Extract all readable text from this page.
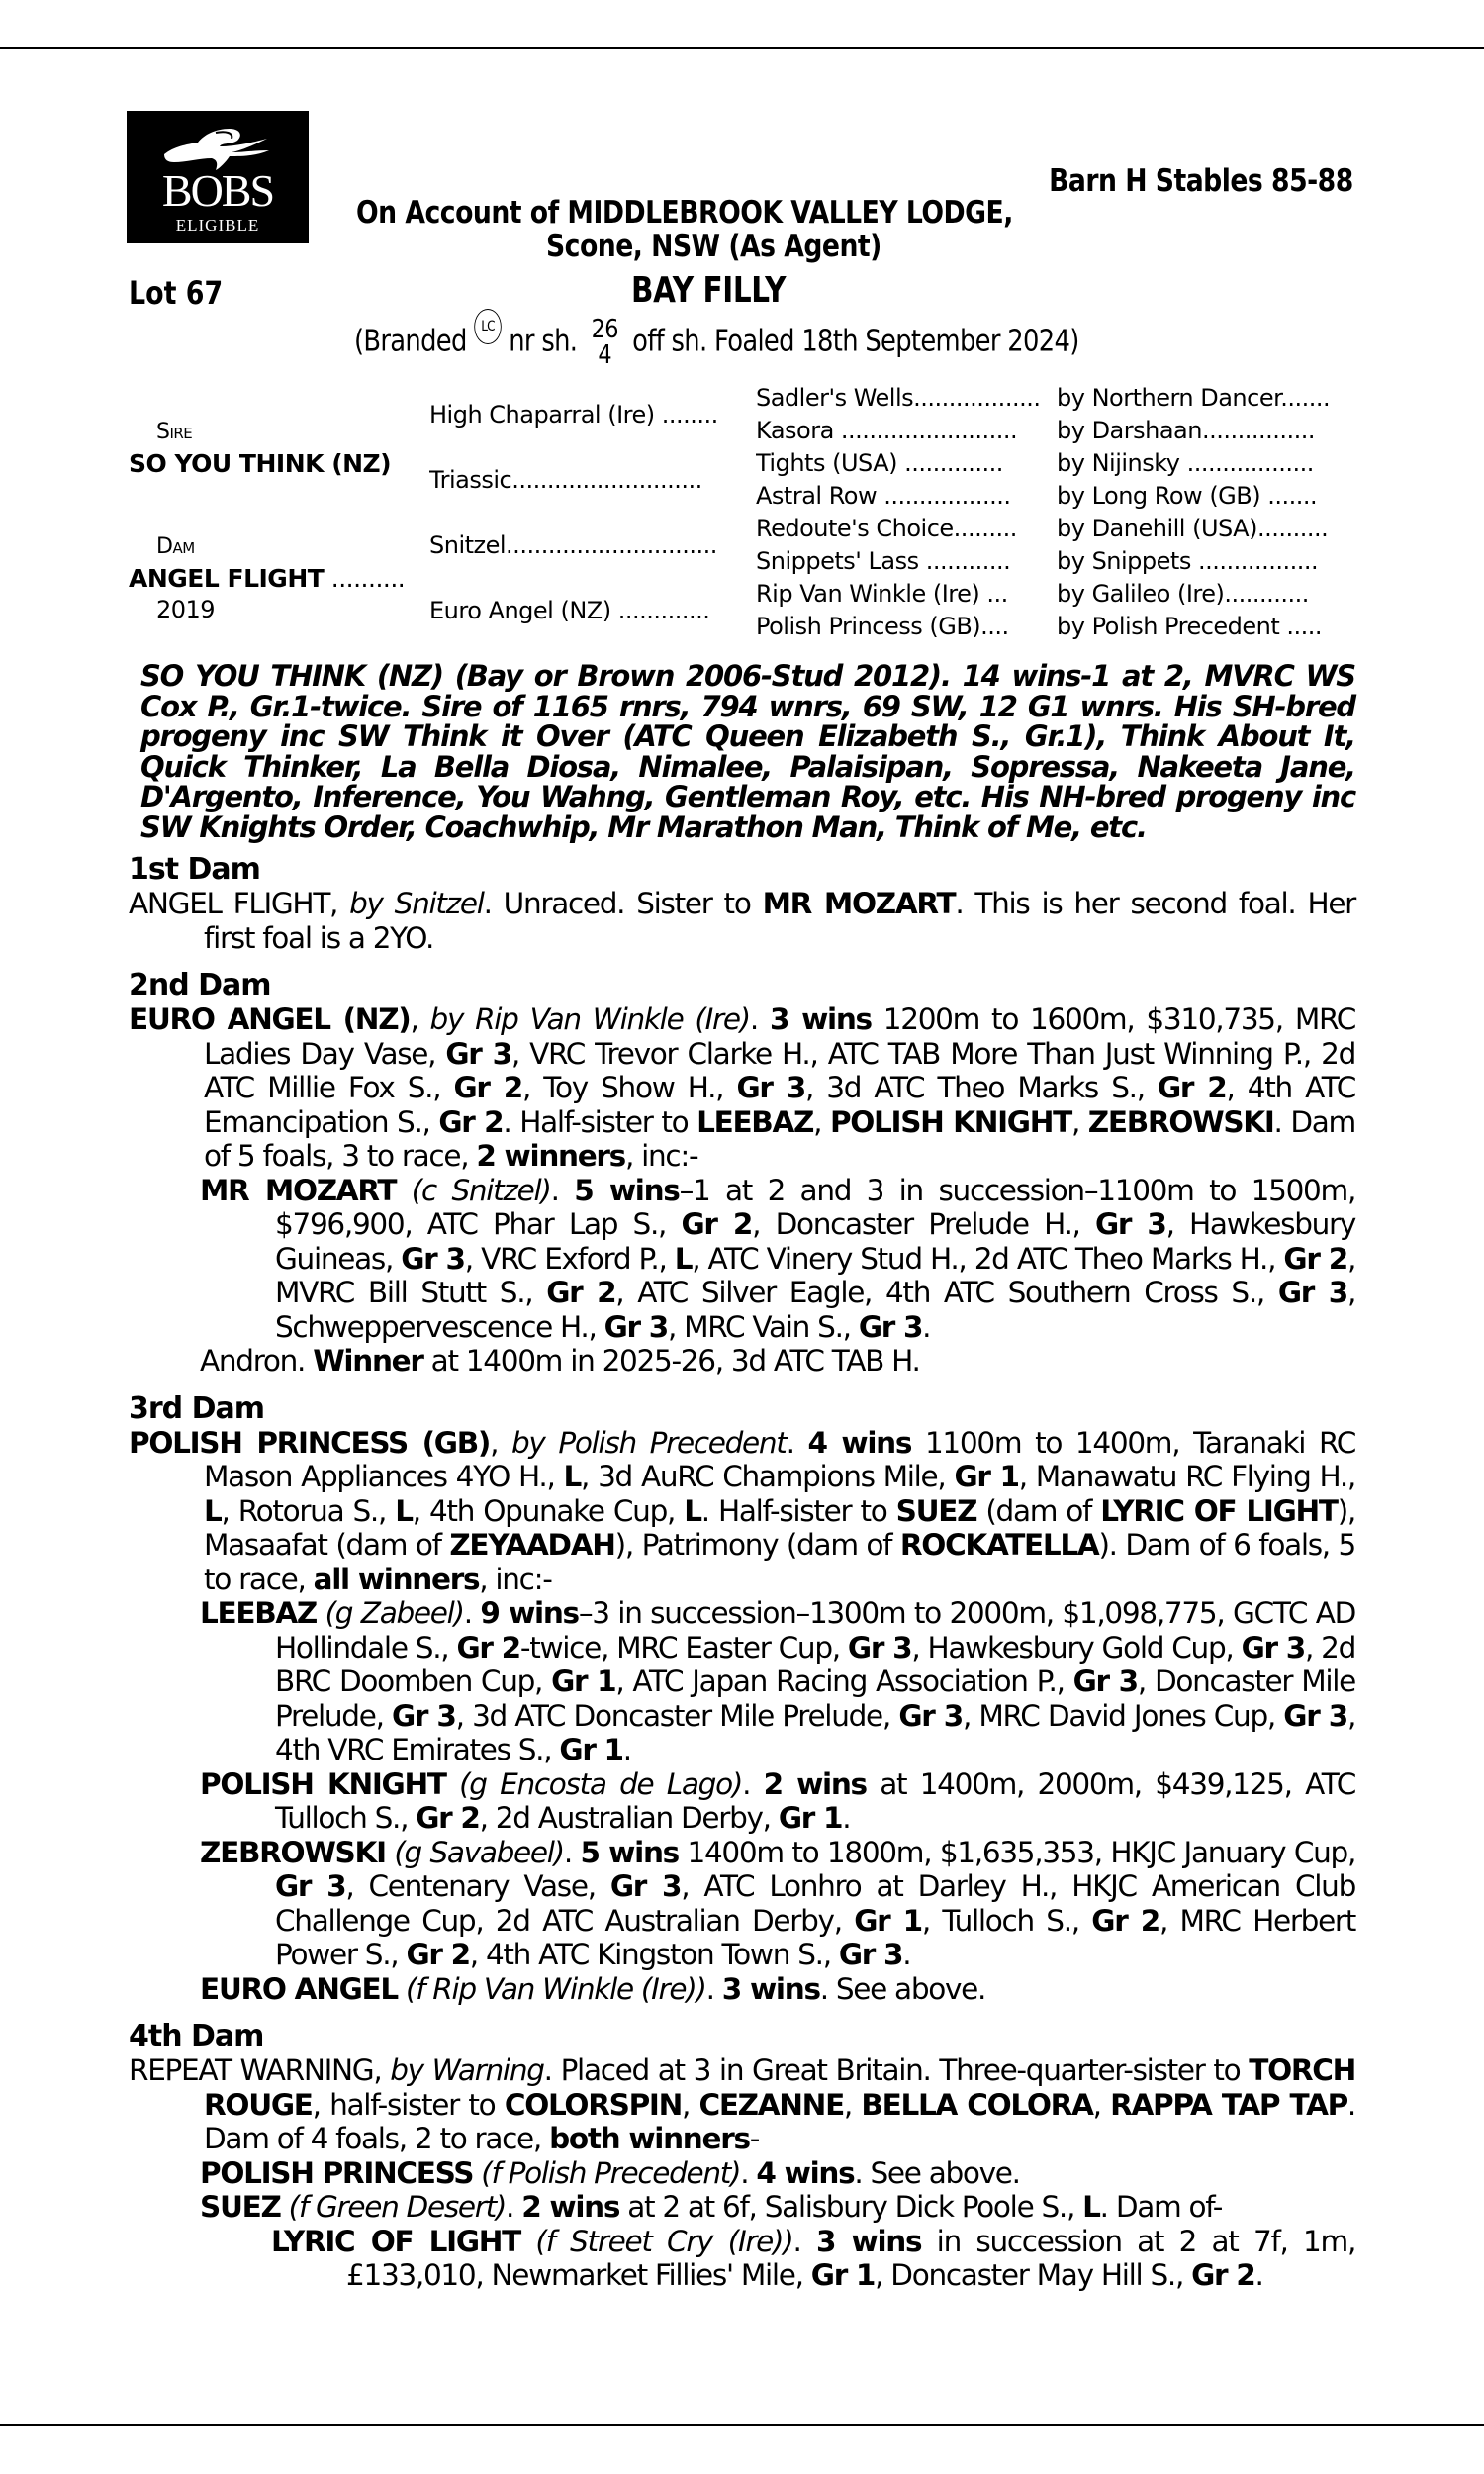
BOBS
ELIGIBLE
Barn H Stables 85-88
On Account of MIDDLEBROOK VALLEY LODGE,
Scone, NSW (As Agent)
Lot 67	BAY FILLY
(Branded LC nr sh. 26
4 off sh. Foaled 18th September 2024)
Sire
SO YOU THINK (NZ)
Dam
ANGEL FLIGHT ..........
2019
High Chaparral (Ire) ........
Triassic...........................
Snitzel..............................
Euro Angel (NZ) .............
Sadler's Wells..................
Kasora .........................
Tights (USA) ..............
Astral Row ..................
Redoute's Choice.........
Snippets' Lass ............
Rip Van Winkle (Ire) ...
Polish Princess (GB)....
by Northern Dancer.......
by Darshaan................
by Nijinsky ..................
by Long Row (GB) .......
by Danehill (USA)..........
by Snippets .................
by Galileo (Ire)............
by Polish Precedent .....
SO YOU THINK (NZ) (Bay or Brown 2006-Stud 2012). 14 wins-1 at 2, MVRC WS Cox P., Gr.1-twice. Sire of 1165 rnrs, 794 wnrs, 69 SW, 12 G1 wnrs. His SH-bred progeny inc SW Think it Over (ATC Queen Elizabeth S., Gr.1), Think About It, Quick Thinker, La Bella Diosa, Nimalee, Palaisipan, Sopressa, Nakeeta Jane, D'Argento, Inference, You Wahng, Gentleman Roy, etc. His NH-bred progeny inc SW Knights Order, Coachwhip, Mr Marathon Man, Think of Me, etc.
1st Dam

ANGEL FLIGHT, by Snitzel. Unraced. Sister to MR MOZART. This is her second foal. Her first foal is a 2YO.

2nd Dam

EURO ANGEL (NZ), by Rip Van Winkle (Ire). 3 wins 1200m to 1600m, $310,735, MRC Ladies Day Vase, Gr 3, VRC Trevor Clarke H., ATC TAB More Than Just Winning P., 2d ATC Millie Fox S., Gr 2, Toy Show H., Gr 3, 3d ATC Theo Marks S., Gr 2, 4th ATC Emancipation S., Gr 2. Half-sister to LEEBAZ, POLISH KNIGHT, ZEBROWSKI. Dam of 5 foals, 3 to race, 2 winners, inc:-

MR MOZART (c Snitzel). 5 wins–1 at 2 and 3 in succession–1100m to 1500m, $796,900, ATC Phar Lap S., Gr 2, Doncaster Prelude H., Gr 3, Hawkesbury Guineas, Gr 3, VRC Exford P., L, ATC Vinery Stud H., 2d ATC Theo Marks H., Gr 2, MVRC Bill Stutt S., Gr 2, ATC Silver Eagle, 4th ATC Southern Cross S., Gr 3, Schweppervescence H., Gr 3, MRC Vain S., Gr 3.

Andron. Winner at 1400m in 2025-26, 3d ATC TAB H.

3rd Dam

POLISH PRINCESS (GB), by Polish Precedent. 4 wins 1100m to 1400m, Taranaki RC Mason Appliances 4YO H., L, 3d AuRC Champions Mile, Gr 1, Manawatu RC Flying H., L, Rotorua S., L, 4th Opunake Cup, L. Half-sister to SUEZ (dam of LYRIC OF LIGHT), Masaafat (dam of ZEYAADAH), Patrimony (dam of ROCKATELLA). Dam of 6 foals, 5 to race, all winners, inc:-

LEEBAZ (g Zabeel). 9 wins–3 in succession–1300m to 2000m, $1,098,775, GCTC AD Hollindale S., Gr 2-twice, MRC Easter Cup, Gr 3, Hawkesbury Gold Cup, Gr 3, 2d BRC Doomben Cup, Gr 1, ATC Japan Racing Association P., Gr 3, Doncaster Mile Prelude, Gr 3, 3d ATC Doncaster Mile Prelude, Gr 3, MRC David Jones Cup, Gr 3, 4th VRC Emirates S., Gr 1.

POLISH KNIGHT (g Encosta de Lago). 2 wins at 1400m, 2000m, $439,125, ATC Tulloch S., Gr 2, 2d Australian Derby, Gr 1.

ZEBROWSKI (g Savabeel). 5 wins 1400m to 1800m, $1,635,353, HKJC January Cup, Gr 3, Centenary Vase, Gr 3, ATC Lonhro at Darley H., HKJC American Club Challenge Cup, 2d ATC Australian Derby, Gr 1, Tulloch S., Gr 2, MRC Herbert Power S., Gr 2, 4th ATC Kingston Town S., Gr 3.

EURO ANGEL (f Rip Van Winkle (Ire)). 3 wins. See above.

4th Dam

REPEAT WARNING, by Warning. Placed at 3 in Great Britain. Three-quarter-sister to TORCH ROUGE, half-sister to COLORSPIN, CEZANNE, BELLA COLORA, RAPPA TAP TAP. Dam of 4 foals, 2 to race, both winners-

POLISH PRINCESS (f Polish Precedent). 4 wins. See above.

SUEZ (f Green Desert). 2 wins at 2 at 6f, Salisbury Dick Poole S., L. Dam of-

LYRIC OF LIGHT (f Street Cry (Ire)). 3 wins in succession at 2 at 7f, 1m, £133,010, Newmarket Fillies' Mile, Gr 1, Doncaster May Hill S., Gr 2.
